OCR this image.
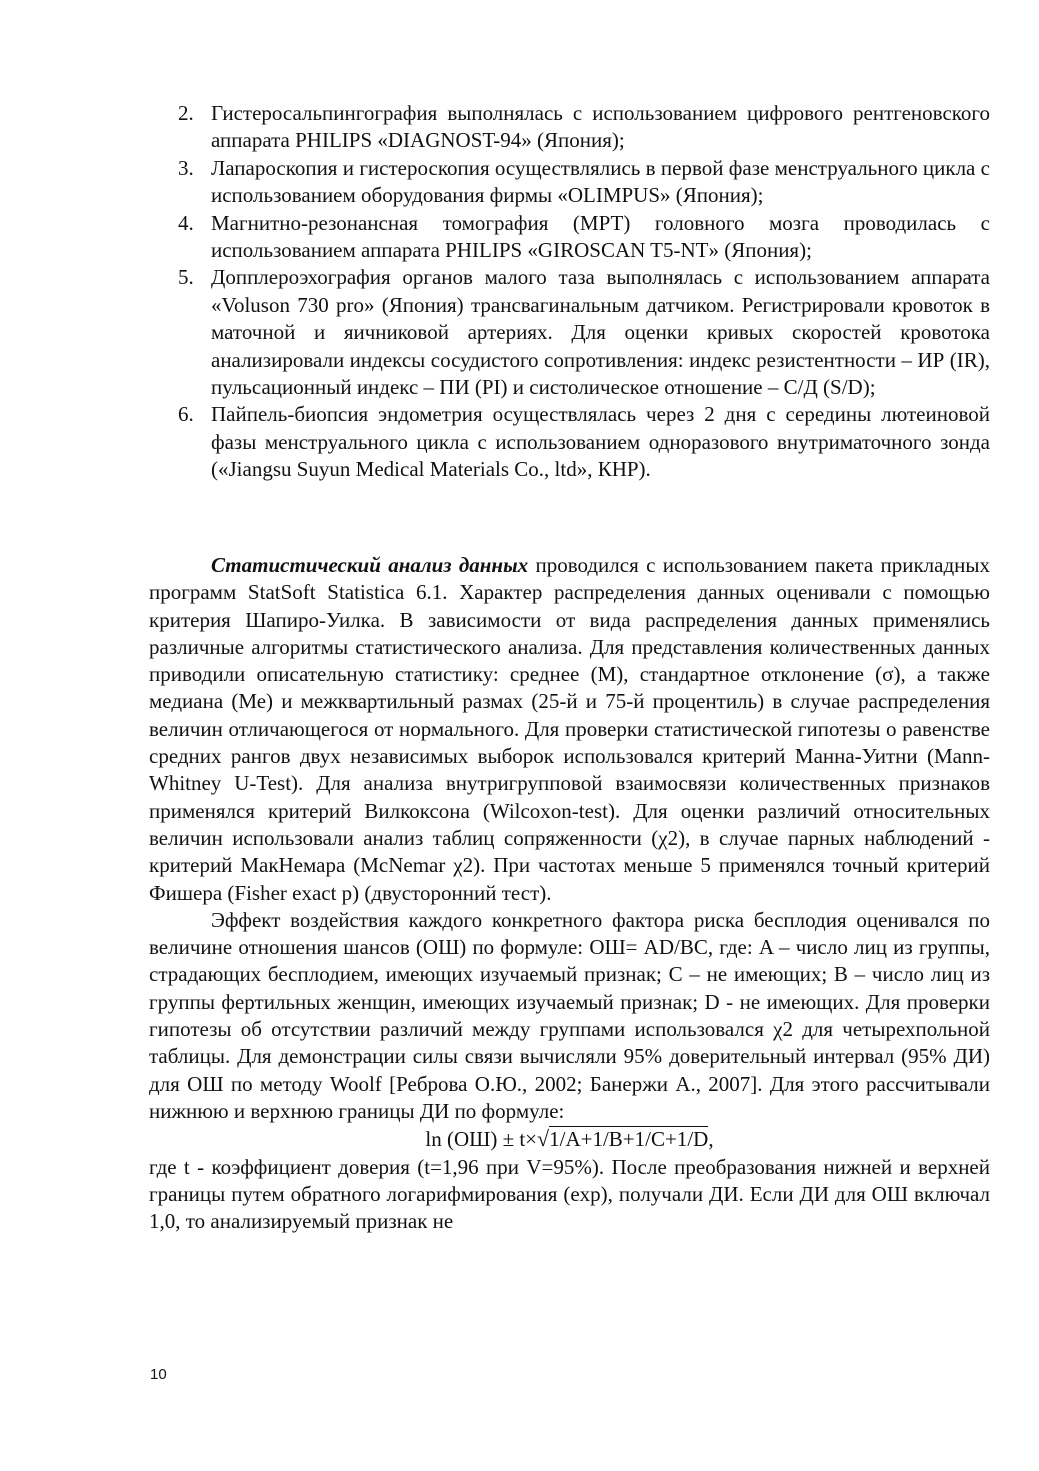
2. Гистеросальпингография выполнялась с использованием цифрового рентгеновского аппарата PHILIPS «DIAGNOST-94» (Япония);
3. Лапароскопия и гистероскопия осуществлялись в первой фазе менструального цикла с использованием оборудования фирмы «OLIMPUS» (Япония);
4. Магнитно-резонансная томография (МРТ) головного мозга проводилась с использованием аппарата PHILIPS «GIROSCAN T5-NT» (Япония);
5. Допплероэхография органов малого таза выполнялась с использованием аппарата «Voluson 730 pro» (Япония) трансвагинальным датчиком. Регистрировали кровоток в маточной и яичниковой артериях. Для оценки кривых скоростей кровотока анализировали индексы сосудистого сопротивления: индекс резистентности – ИР (IR), пульсационный индекс – ПИ (PI) и систолическое отношение – С/Д (S/D);
6. Пайпель-биопсия эндометрия осуществлялась через 2 дня с середины лютеиновой фазы менструального цикла с использованием одноразового внутриматочного зонда («Jiangsu Suyun Medical Materials Co., ltd», КНР).

Статистический анализ данных проводился с использованием пакета прикладных программ StatSoft Statistica 6.1. Характер распределения данных оценивали с помощью критерия Шапиро-Уилка. В зависимости от вида распределения данных применялись различные алгоритмы статистического анализа. Для представления количественных данных приводили описательную статистику: среднее (М), стандартное отклонение (σ), а также медиана (Ме) и межквартильный размах (25-й и 75-й процентиль) в случае распределения величин отличающегося от нормального. Для проверки статистической гипотезы о равенстве средних рангов двух независимых выборок использовался критерий Манна-Уитни (Mann-Whitney U-Test). Для анализа внутригрупповой взаимосвязи количественных признаков применялся критерий Вилкоксона (Wilcoxon-test). Для оценки различий относительных величин использовали анализ таблиц сопряженности (χ2), в случае парных наблюдений - критерий МакНемара (McNemar χ2). При частотах меньше 5 применялся точный критерий Фишера (Fisher exact p) (двусторонний тест).

Эффект воздействия каждого конкретного фактора риска бесплодия оценивался по величине отношения шансов (ОШ) по формуле: ОШ= AD/BC, где: A – число лиц из группы, страдающих бесплодием, имеющих изучаемый признак; C – не имеющих; B – число лиц из группы фертильных женщин, имеющих изучаемый признак; D - не имеющих. Для проверки гипотезы об отсутствии различий между группами использовался χ2 для четырехпольной таблицы. Для демонстрации силы связи вычисляли 95% доверительный интервал (95% ДИ) для ОШ по методу Woolf [Реброва О.Ю., 2002; Банержи А., 2007]. Для этого рассчитывали нижнюю и верхнюю границы ДИ по формуле:

ln (ОШ) ± t×√1/A+1/B+1/C+1/D,

где t - коэффициент доверия (t=1,96 при V=95%). После преобразования нижней и верхней границы путем обратного логарифмирования (exp), получали ДИ. Если ДИ для ОШ включал 1,0, то анализируемый признак не

10
